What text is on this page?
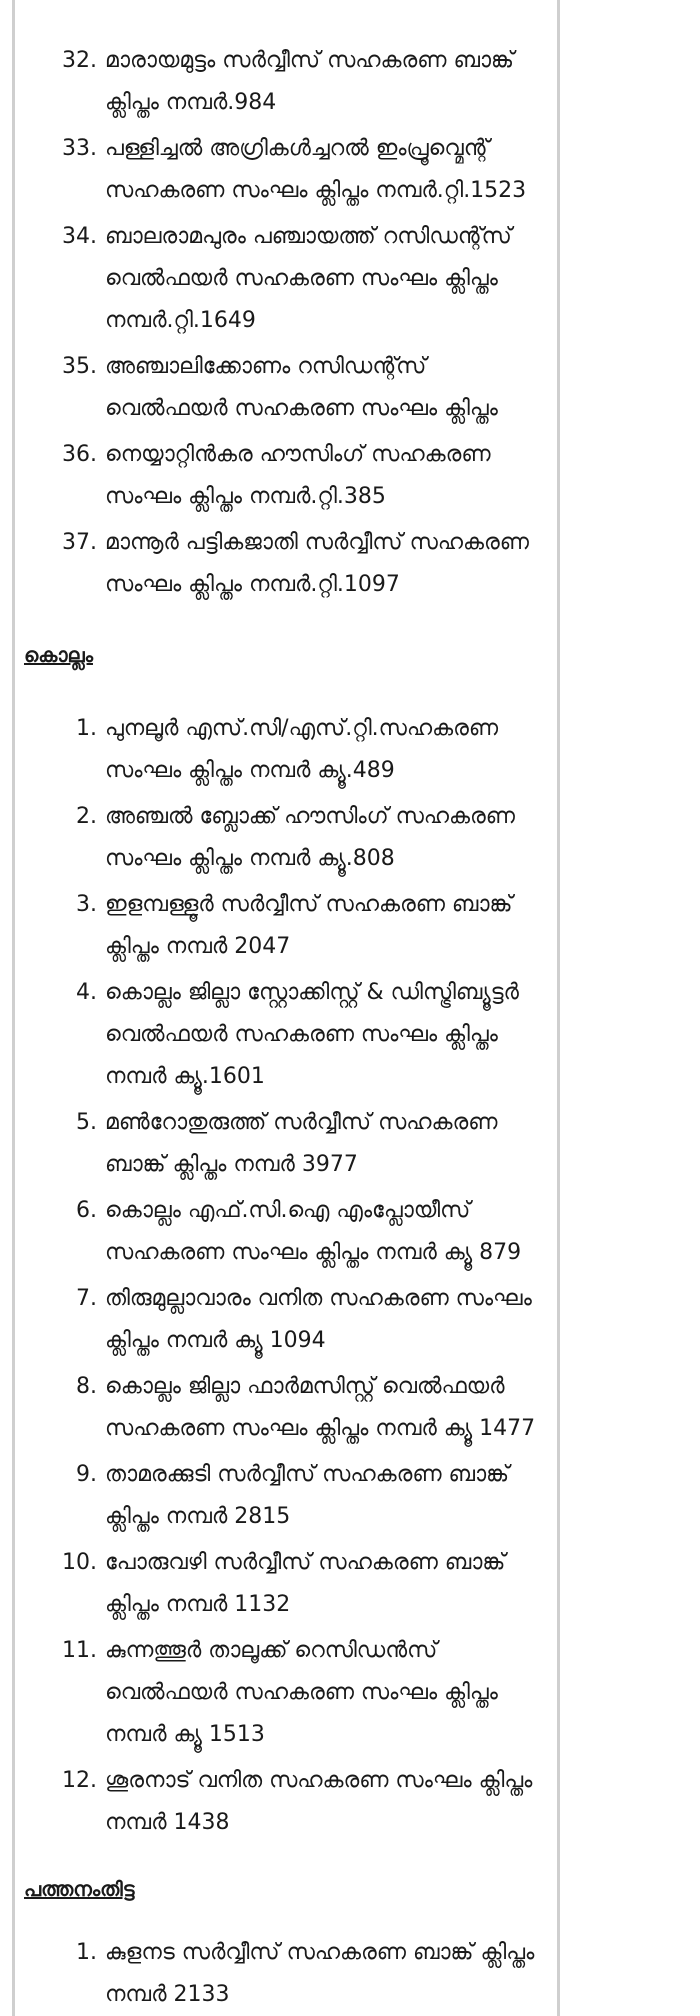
32. മാരായമുട്ടം സർവ്വീസ് സഹകരണ ബാങ്ക് ക്ലിപ്തം നമ്പർ.984
33. പള്ളിച്ചൽ അഗ്രികൾച്ചറൽ ഇംപ്രൂവ്മെന്റ് സഹകരണ സംഘം ക്ലിപ്തം നമ്പർ.റ്റി.1523
34. ബാലരാമപുരം പഞ്ചായത്ത് റസിഡന്റ്സ് വെൽഫയർ സഹകരണ സംഘം ക്ലിപ്തം നമ്പർ.റ്റി.1649
35. അഞ്ചാലിക്കോണം റസിഡന്റ്സ് വെൽഫയർ സഹകരണ സംഘം ക്ലിപ്തം
36. നെയ്യാറ്റിൻകര ഹൗസിംഗ് സഹകരണ സംഘം ക്ലിപ്തം നമ്പർ.റ്റി.385
37. മാന്നൂർ പട്ടികജാതി സർവ്വീസ് സഹകരണ സംഘം ക്ലിപ്തം നമ്പർ.റ്റി.1097
കൊല്ലം
1. പുനലൂർ എസ്.സി/എസ്.റ്റി.സഹകരണ സംഘം ക്ലിപ്തം നമ്പർ ക്യൂ.489
2. അഞ്ചൽ ബ്ലോക്ക് ഹൗസിംഗ് സഹകരണ സംഘം ക്ലിപ്തം നമ്പർ ക്യൂ.808
3. ഇളമ്പള്ളൂർ സർവ്വീസ് സഹകരണ ബാങ്ക് ക്ലിപ്തം നമ്പർ 2047
4. കൊല്ലം ജില്ലാ സ്റ്റോക്കിസ്റ്റ് & ഡിസ്ട്രിബ്യൂട്ടർ വെൽഫയർ സഹകരണ സംഘം ക്ലിപ്തം നമ്പർ ക്യൂ.1601
5. മൺറോതുരുത്ത് സർവ്വീസ് സഹകരണ ബാങ്ക് ക്ലിപ്തം നമ്പർ 3977
6. കൊല്ലം എഫ്.സി.ഐ എംപ്ലോയീസ് സഹകരണ സംഘം ക്ലിപ്തം നമ്പർ ക്യൂ 879
7. തിരുമുല്ലാവാരം വനിത സഹകരണ സംഘം ക്ലിപ്തം നമ്പർ ക്യൂ 1094
8. കൊല്ലം ജില്ലാ ഫാർമസിസ്റ്റ് വെൽഫയർ സഹകരണ സംഘം ക്ലിപ്തം നമ്പർ ക്യൂ 1477
9. താമരക്കുടി സർവ്വീസ് സഹകരണ ബാങ്ക് ക്ലിപ്തം നമ്പർ 2815
10. പോരുവഴി സർവ്വീസ് സഹകരണ ബാങ്ക് ക്ലിപ്തം നമ്പർ 1132
11. കുന്നത്തൂർ താലൂക്ക് റെസിഡൻസ് വെൽഫയർ സഹകരണ സംഘം ക്ലിപ്തം നമ്പർ ക്യൂ 1513
12. ശൂരനാട് വനിത സഹകരണ സംഘം ക്ലിപ്തം നമ്പർ 1438
പത്തനംതിട്ട
1. കുളനട സർവ്വീസ് സഹകരണ ബാങ്ക് ക്ലിപ്തം നമ്പർ 2133
